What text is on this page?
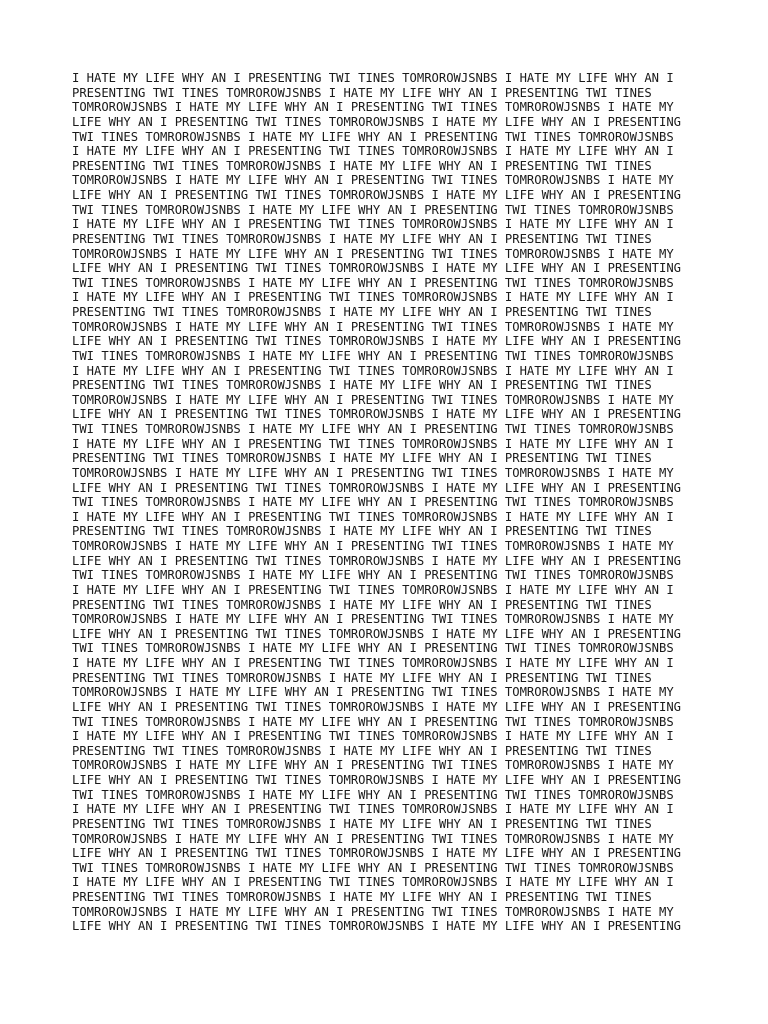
I HATE MY LIFE WHY AN I PRESENTING TWI TINES TOMROROWJSNBS I HATE MY LIFE WHY AN I
PRESENTING TWI TINES TOMROROWJSNBS I HATE MY LIFE WHY AN I PRESENTING TWI TINES
TOMROROWJSNBS I HATE MY LIFE WHY AN I PRESENTING TWI TINES TOMROROWJSNBS I HATE MY
LIFE WHY AN I PRESENTING TWI TINES TOMROROWJSNBS I HATE MY LIFE WHY AN I PRESENTING
TWI TINES TOMROROWJSNBS I HATE MY LIFE WHY AN I PRESENTING TWI TINES TOMROROWJSNBS
I HATE MY LIFE WHY AN I PRESENTING TWI TINES TOMROROWJSNBS I HATE MY LIFE WHY AN I
PRESENTING TWI TINES TOMROROWJSNBS I HATE MY LIFE WHY AN I PRESENTING TWI TINES
TOMROROWJSNBS I HATE MY LIFE WHY AN I PRESENTING TWI TINES TOMROROWJSNBS I HATE MY
LIFE WHY AN I PRESENTING TWI TINES TOMROROWJSNBS I HATE MY LIFE WHY AN I PRESENTING
TWI TINES TOMROROWJSNBS I HATE MY LIFE WHY AN I PRESENTING TWI TINES TOMROROWJSNBS
I HATE MY LIFE WHY AN I PRESENTING TWI TINES TOMROROWJSNBS I HATE MY LIFE WHY AN I
PRESENTING TWI TINES TOMROROWJSNBS I HATE MY LIFE WHY AN I PRESENTING TWI TINES
TOMROROWJSNBS I HATE MY LIFE WHY AN I PRESENTING TWI TINES TOMROROWJSNBS I HATE MY
LIFE WHY AN I PRESENTING TWI TINES TOMROROWJSNBS I HATE MY LIFE WHY AN I PRESENTING
TWI TINES TOMROROWJSNBS I HATE MY LIFE WHY AN I PRESENTING TWI TINES TOMROROWJSNBS
I HATE MY LIFE WHY AN I PRESENTING TWI TINES TOMROROWJSNBS I HATE MY LIFE WHY AN I
PRESENTING TWI TINES TOMROROWJSNBS I HATE MY LIFE WHY AN I PRESENTING TWI TINES
TOMROROWJSNBS I HATE MY LIFE WHY AN I PRESENTING TWI TINES TOMROROWJSNBS I HATE MY
LIFE WHY AN I PRESENTING TWI TINES TOMROROWJSNBS I HATE MY LIFE WHY AN I PRESENTING
TWI TINES TOMROROWJSNBS I HATE MY LIFE WHY AN I PRESENTING TWI TINES TOMROROWJSNBS
I HATE MY LIFE WHY AN I PRESENTING TWI TINES TOMROROWJSNBS I HATE MY LIFE WHY AN I
PRESENTING TWI TINES TOMROROWJSNBS I HATE MY LIFE WHY AN I PRESENTING TWI TINES
TOMROROWJSNBS I HATE MY LIFE WHY AN I PRESENTING TWI TINES TOMROROWJSNBS I HATE MY
LIFE WHY AN I PRESENTING TWI TINES TOMROROWJSNBS I HATE MY LIFE WHY AN I PRESENTING
TWI TINES TOMROROWJSNBS I HATE MY LIFE WHY AN I PRESENTING TWI TINES TOMROROWJSNBS
I HATE MY LIFE WHY AN I PRESENTING TWI TINES TOMROROWJSNBS I HATE MY LIFE WHY AN I
PRESENTING TWI TINES TOMROROWJSNBS I HATE MY LIFE WHY AN I PRESENTING TWI TINES
TOMROROWJSNBS I HATE MY LIFE WHY AN I PRESENTING TWI TINES TOMROROWJSNBS I HATE MY
LIFE WHY AN I PRESENTING TWI TINES TOMROROWJSNBS I HATE MY LIFE WHY AN I PRESENTING
TWI TINES TOMROROWJSNBS I HATE MY LIFE WHY AN I PRESENTING TWI TINES TOMROROWJSNBS
I HATE MY LIFE WHY AN I PRESENTING TWI TINES TOMROROWJSNBS I HATE MY LIFE WHY AN I
PRESENTING TWI TINES TOMROROWJSNBS I HATE MY LIFE WHY AN I PRESENTING TWI TINES
TOMROROWJSNBS I HATE MY LIFE WHY AN I PRESENTING TWI TINES TOMROROWJSNBS I HATE MY
LIFE WHY AN I PRESENTING TWI TINES TOMROROWJSNBS I HATE MY LIFE WHY AN I PRESENTING
TWI TINES TOMROROWJSNBS I HATE MY LIFE WHY AN I PRESENTING TWI TINES TOMROROWJSNBS
I HATE MY LIFE WHY AN I PRESENTING TWI TINES TOMROROWJSNBS I HATE MY LIFE WHY AN I
PRESENTING TWI TINES TOMROROWJSNBS I HATE MY LIFE WHY AN I PRESENTING TWI TINES
TOMROROWJSNBS I HATE MY LIFE WHY AN I PRESENTING TWI TINES TOMROROWJSNBS I HATE MY
LIFE WHY AN I PRESENTING TWI TINES TOMROROWJSNBS I HATE MY LIFE WHY AN I PRESENTING
TWI TINES TOMROROWJSNBS I HATE MY LIFE WHY AN I PRESENTING TWI TINES TOMROROWJSNBS
I HATE MY LIFE WHY AN I PRESENTING TWI TINES TOMROROWJSNBS I HATE MY LIFE WHY AN I
PRESENTING TWI TINES TOMROROWJSNBS I HATE MY LIFE WHY AN I PRESENTING TWI TINES
TOMROROWJSNBS I HATE MY LIFE WHY AN I PRESENTING TWI TINES TOMROROWJSNBS I HATE MY
LIFE WHY AN I PRESENTING TWI TINES TOMROROWJSNBS I HATE MY LIFE WHY AN I PRESENTING
TWI TINES TOMROROWJSNBS I HATE MY LIFE WHY AN I PRESENTING TWI TINES TOMROROWJSNBS
I HATE MY LIFE WHY AN I PRESENTING TWI TINES TOMROROWJSNBS I HATE MY LIFE WHY AN I
PRESENTING TWI TINES TOMROROWJSNBS I HATE MY LIFE WHY AN I PRESENTING TWI TINES
TOMROROWJSNBS I HATE MY LIFE WHY AN I PRESENTING TWI TINES TOMROROWJSNBS I HATE MY
LIFE WHY AN I PRESENTING TWI TINES TOMROROWJSNBS I HATE MY LIFE WHY AN I PRESENTING
TWI TINES TOMROROWJSNBS I HATE MY LIFE WHY AN I PRESENTING TWI TINES TOMROROWJSNBS
I HATE MY LIFE WHY AN I PRESENTING TWI TINES TOMROROWJSNBS I HATE MY LIFE WHY AN I
PRESENTING TWI TINES TOMROROWJSNBS I HATE MY LIFE WHY AN I PRESENTING TWI TINES
TOMROROWJSNBS I HATE MY LIFE WHY AN I PRESENTING TWI TINES TOMROROWJSNBS I HATE MY
LIFE WHY AN I PRESENTING TWI TINES TOMROROWJSNBS I HATE MY LIFE WHY AN I PRESENTING
TWI TINES TOMROROWJSNBS I HATE MY LIFE WHY AN I PRESENTING TWI TINES TOMROROWJSNBS
I HATE MY LIFE WHY AN I PRESENTING TWI TINES TOMROROWJSNBS I HATE MY LIFE WHY AN I
PRESENTING TWI TINES TOMROROWJSNBS I HATE MY LIFE WHY AN I PRESENTING TWI TINES
TOMROROWJSNBS I HATE MY LIFE WHY AN I PRESENTING TWI TINES TOMROROWJSNBS I HATE MY
LIFE WHY AN I PRESENTING TWI TINES TOMROROWJSNBS I HATE MY LIFE WHY AN I PRESENTING
